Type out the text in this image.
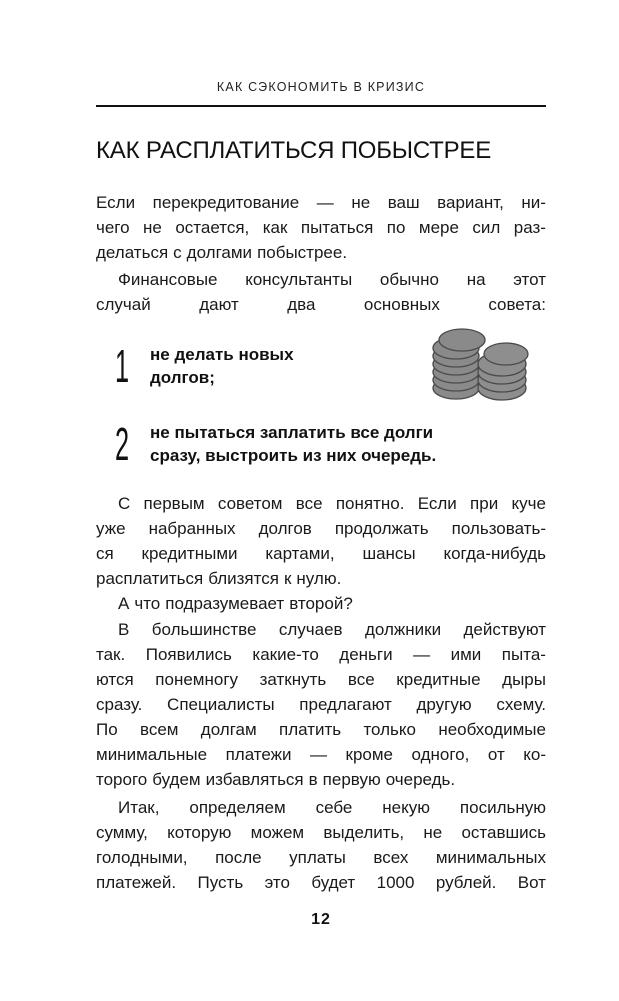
КАК СЭКОНОМИТЬ В КРИЗИС
КАК РАСПЛАТИТЬСЯ ПОБЫСТРЕЕ
Если перекредитование — не ваш вариант, ни-
чего не остается, как пытаться по мере сил раз-
делаться с долгами побыстрее.
Финансовые консультанты обычно на этот
случай	дают	два	основных	совета:
1 не делать новых
долгов;
2 не пытаться заплатить все долги
сразу, выстроить из них очередь.
С первым советом все понятно. Если при куче
уже набранных долгов продолжать пользовать-
ся кредитными картами, шансы когда-нибудь
расплатиться близятся к нулю.
А что подразумевает второй?
В большинстве случаев должники действуют
так. Появились какие-то деньги — ими пыта-
ются понемногу заткнуть все кредитные дыры
сразу. Специалисты предлагают другую схему.
По всем долгам платить только необходимые
минимальные платежи — кроме одного, от ко-
торого будем избавляться в первую очередь.
Итак, определяем себе некую посильную
сумму, которую можем выделить, не оставшись
голодными, после уплаты всех минимальных
платежей. Пусть это будет 1000 рублей. Вот
12
